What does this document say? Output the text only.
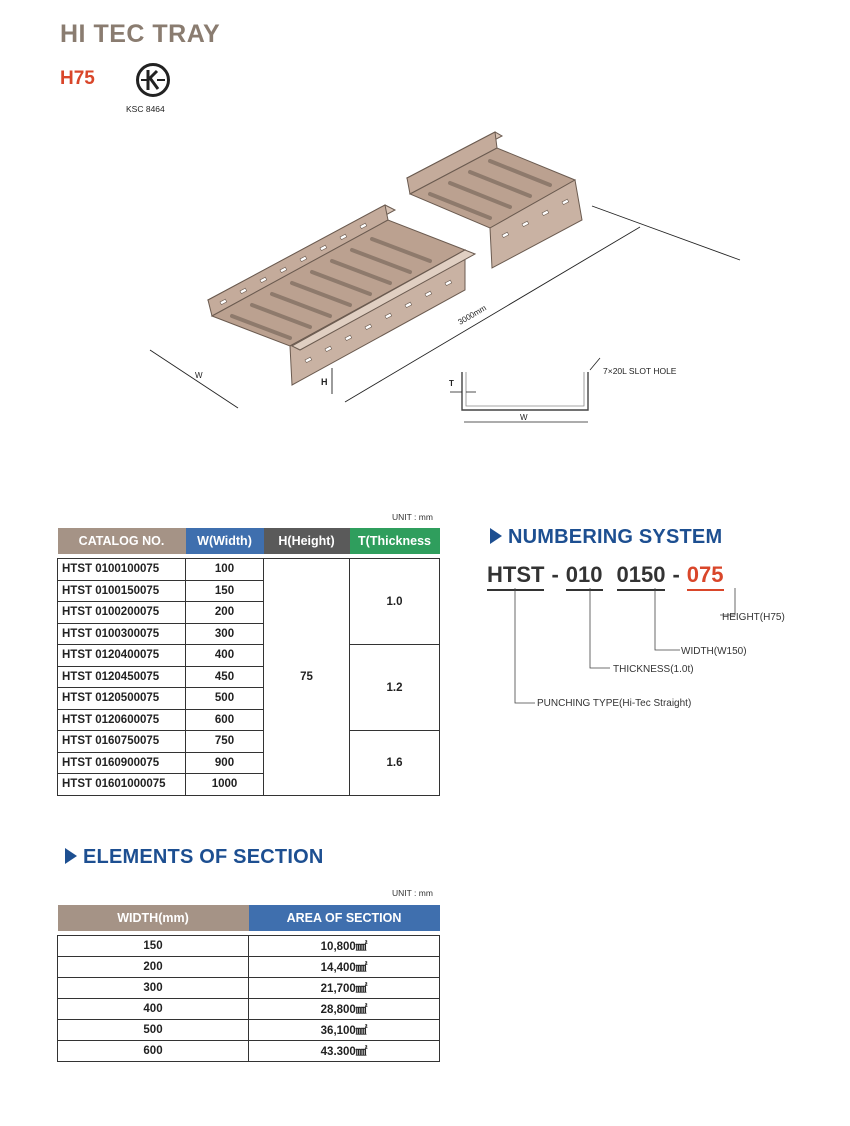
HI TEC TRAY
H75
KSC 8464
W
H
3000mm
T
W
7×20L SLOT HOLE
UNIT : mm
CATALOG NO.	W(Width)	H(Height)	T(Thickness

HTST 0100100075	100	75	1.0
HTST 0100150075	150		
HTST 0100200075	200		
HTST 0100300075	300		
HTST 0120400075	400		1.2
HTST 0120450075	450		
HTST 0120500075	500		
HTST 0120600075	600		
HTST 0160750075	750		1.6
HTST 0160900075	900		
HTST 01601000075	1000		
NUMBERING SYSTEM
HTST - 010 0150 - 075
HEIGHT(H75)
WIDTH(W150)
THICKNESS(1.0t)
PUNCHING TYPE(Hi-Tec Straight)
ELEMENTS OF SECTION
UNIT : mm
WIDTH(mm)	AREA OF SECTION

150	10,800㎟
200	14,400㎟
300	21,700㎟
400	28,800㎟
500	36,100㎟
600	43.300㎟
